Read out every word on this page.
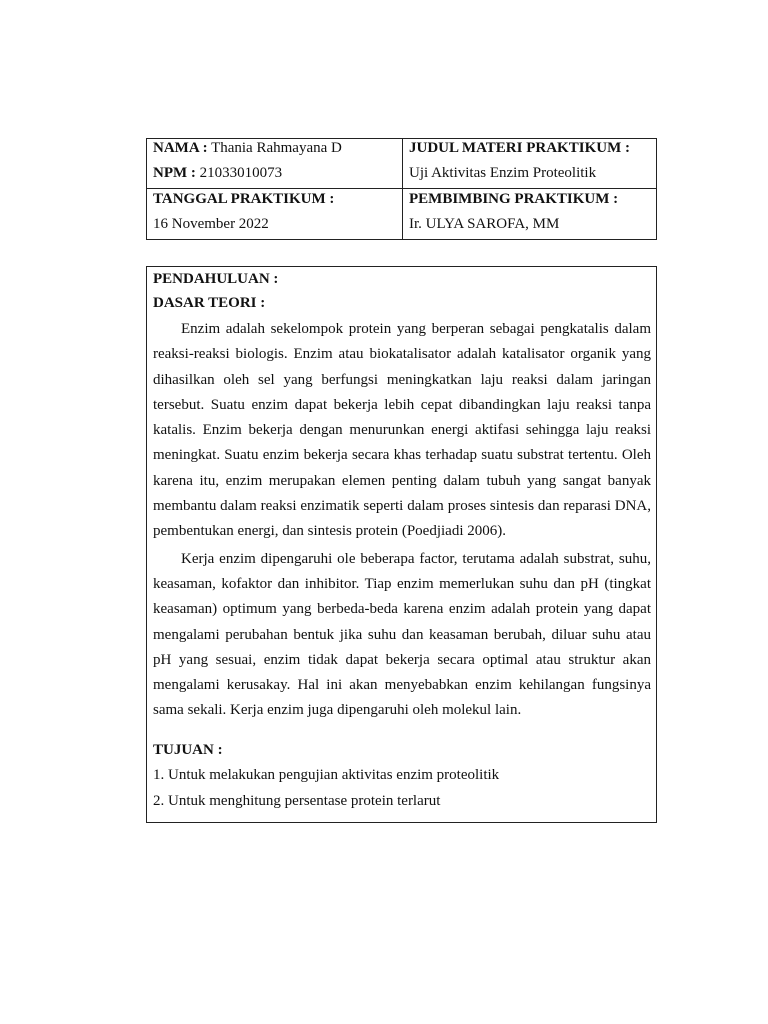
NAMA : Thania Rahmayana D
NPM : 21033010073
JUDUL MATERI PRAKTIKUM :
Uji Aktivitas Enzim Proteolitik
TANGGAL PRAKTIKUM :
16 November 2022
PEMBIMBING PRAKTIKUM :
Ir. ULYA SAROFA, MM
PENDAHULUAN :
DASAR TEORI :

Enzim adalah sekelompok protein yang berperan sebagai pengkatalis dalam reaksi-reaksi biologis. Enzim atau biokatalisator adalah katalisator organik yang dihasilkan oleh sel yang berfungsi meningkatkan laju reaksi dalam jaringan tersebut. Suatu enzim dapat bekerja lebih cepat dibandingkan laju reaksi tanpa katalis. Enzim bekerja dengan menurunkan energi aktifasi sehingga laju reaksi meningkat. Suatu enzim bekerja secara khas terhadap suatu substrat tertentu. Oleh karena itu, enzim merupakan elemen penting dalam tubuh yang sangat banyak membantu dalam reaksi enzimatik seperti dalam proses sintesis dan reparasi DNA, pembentukan energi, dan sintesis protein (Poedjiadi 2006).

Kerja enzim dipengaruhi ole beberapa factor, terutama adalah substrat, suhu, keasaman, kofaktor dan inhibitor. Tiap enzim memerlukan suhu dan pH (tingkat keasaman) optimum yang berbeda-beda karena enzim adalah protein yang dapat mengalami perubahan bentuk jika suhu dan keasaman berubah, diluar suhu atau pH yang sesuai, enzim tidak dapat bekerja secara optimal atau struktur akan mengalami kerusakay. Hal ini akan menyebabkan enzim kehilangan fungsinya sama sekali. Kerja enzim juga dipengaruhi oleh molekul lain.

TUJUAN :
1. Untuk melakukan pengujian aktivitas enzim proteolitik
2. Untuk menghitung persentase protein terlarut
